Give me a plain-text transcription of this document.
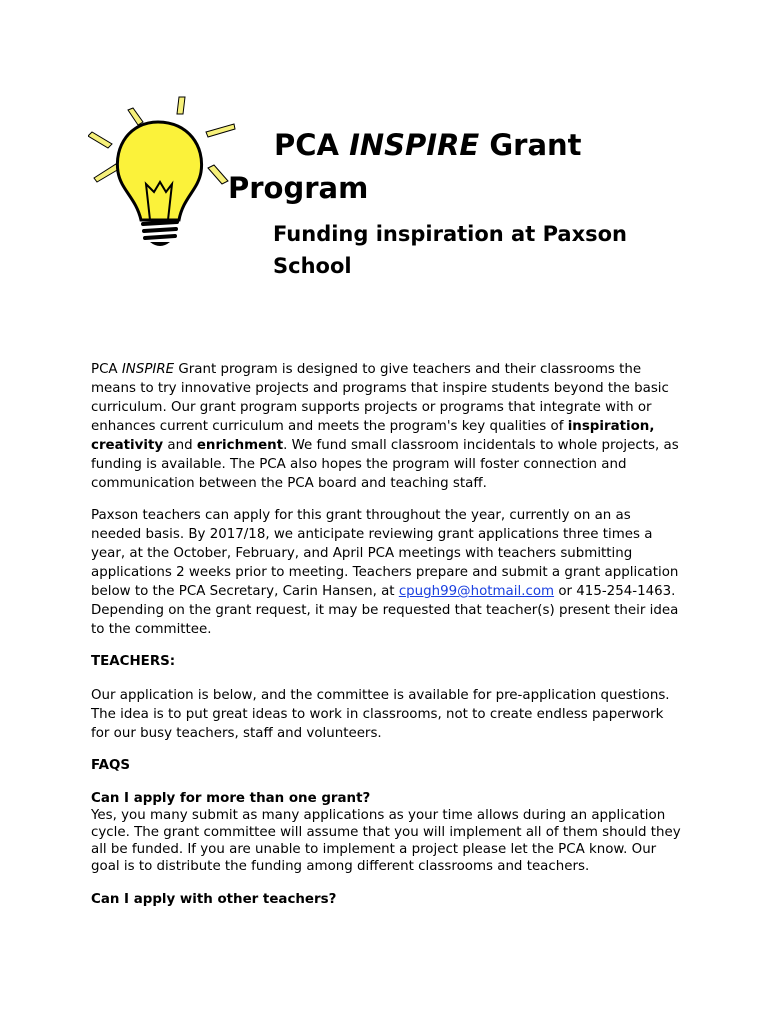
PCA INSPIRE Grant
Program
Funding inspiration at Paxson School

PCA INSPIRE Grant program is designed to give teachers and their classrooms the means to try innovative projects and programs that inspire students beyond the basic curriculum. Our grant program supports projects or programs that integrate with or enhances current curriculum and meets the program's key qualities of inspiration, creativity and enrichment. We fund small classroom incidentals to whole projects, as funding is available. The PCA also hopes the program will foster connection and communication between the PCA board and teaching staff.

Paxson teachers can apply for this grant throughout the year, currently on an as needed basis. By 2017/18, we anticipate reviewing grant applications three times a year, at the October, February, and April PCA meetings with teachers submitting applications 2 weeks prior to meeting. Teachers prepare and submit a grant application below to the PCA Secretary, Carin Hansen, at cpugh99@hotmail.com or 415-254-1463. Depending on the grant request, it may be requested that teacher(s) present their idea to the committee.

TEACHERS:

Our application is below, and the committee is available for pre-application questions. The idea is to put great ideas to work in classrooms, not to create endless paperwork for our busy teachers, staff and volunteers.

FAQS

Can I apply for more than one grant?

Yes, you many submit as many applications as your time allows during an application cycle. The grant committee will assume that you will implement all of them should they all be funded. If you are unable to implement a project please let the PCA know. Our goal is to distribute the funding among different classrooms and teachers.

Can I apply with other teachers?
